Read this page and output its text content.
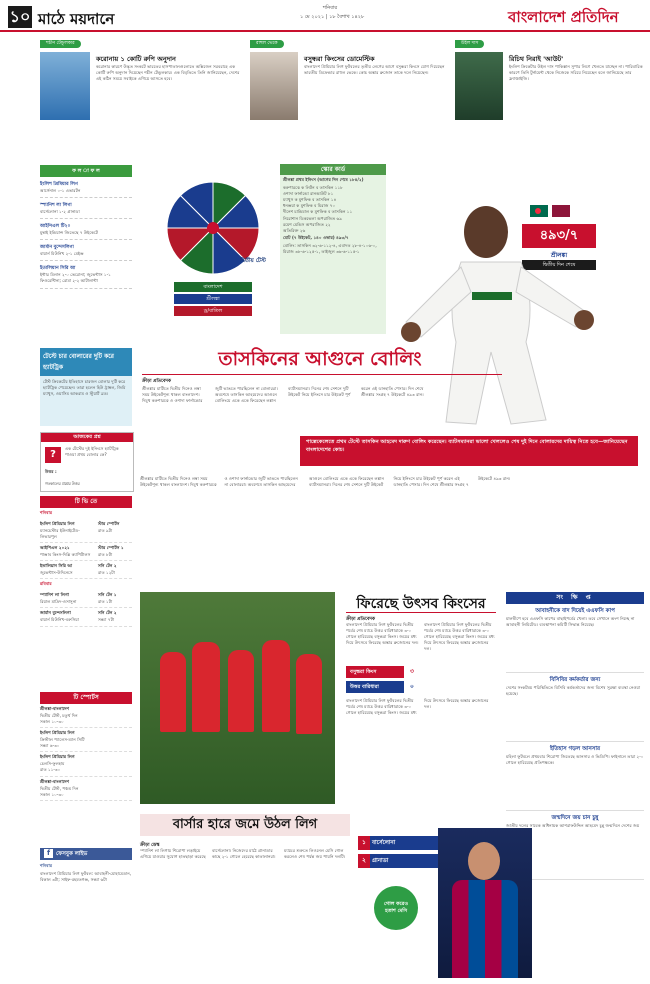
১০ মাঠে ময়দানে
শনিবার
১ মে ২০২১ | ১৮ বৈশাখ ১৪২৮	বাংলাদেশ প্রতিদিন
শচীন টেন্ডুলকার
করোনায় ১ কোটি রুপি অনুদান
করোনার কারণে উদ্ভূত সংকটে ভারতের হাসপাতালগুলোতে অক্সিজেন সরবরাহে এক কোটি রুপি অনুদান দিয়েছেন শচীন টেন্ডুলকার। এক বিবৃতিতে তিনি জানিয়েছেন, দেশের এই কঠিন সময়ে সবাইকে এগিয়ে আসতে হবে।
রাহুল ভেকে
বসুন্ধরা কিংসের ডোমেস্টিক
বাংলাদেশ প্রিমিয়ার লিগ ফুটবলের তৃতীয় লেগের আগে বসুন্ধরা কিংসে যোগ দিয়েছেন ভারতীয় ডিফেন্ডার রাহুল ভেকে। কোচ অস্কার ব্রুজোন তাকে দলে নিয়েছেন।
উইল দাস
রিচিথ নিরাই 'আউট'
ইংলিশ ক্রিকেটার উইল দাস পাকিস্তান সুপার লিগে খেলতে যাচ্ছেন না। পারিবারিক কারণে তিনি টুর্নামেন্ট থেকে নিজেকে সরিয়ে নিয়েছেন বলে জানিয়েছে তার ফ্র্যাঞ্চাইজি।
ফ ল া ফ ল
ইংলিশ প্রিমিয়ার লিগ
আর্সেনাল ০-১ এভারটন
স্প্যানিশ লা লিগা
বার্সেলোনা ১-২ গ্রানাডা
আইপিএল টি২০
মুম্বাই ইন্ডিয়ান্স জিতেছে ৭ উইকেটে
জার্মান বুন্দেসলিগা
বায়ার্ন মিউনিখ ২-১ মেইঞ্জ
ইতালিয়ান সিরি আ
ইন্টার মিলান ২-০ ভেরোনা; জুভেন্টাস ১-১ ফিওরেন্টিনা; রোমা ২-২ আটালান্টা
টেস্টে চার বোলারের দুটি করে হ্যাটট্রিক
টেস্ট ক্রিকেটের ইতিহাসে চারজন বোলার দুটি করে হ্যাটট্রিক পেয়েছেন। তারা হলেন হিউ ট্রাম্বল, জিমি ম্যাথুস, ওয়াসিম আকরাম ও স্টুয়ার্ট ব্রড।
আজকের প্রশ্ন
?
এক টেস্টের দুই ইনিংসে হ্যাটট্রিক পাওয়া প্রথম বোলার কে?
উত্তর :
গতকালের প্রশ্নের উত্তর
টি ভি তে
শনিবার
ইংলিশ প্রিমিয়ার লিগ
ম্যানচেস্টার ইউনাইটেড-লিভারপুল
স্টার স্পোর্টস
রাত ৯টা
আইপিএল ২০২১
পাঞ্জাব কিংস-দিল্লি ক্যাপিটালস
স্টার স্পোর্টস ১
রাত ৮টা
ইতালিয়ান সিরি আ
জুভেন্টাস-উদিনেসে
সনি টেন ২
রাত ১২টা
রবিবার
স্প্যানিশ লা লিগা
রিয়াল মাদ্রিদ-ওসাসুনা
সনি টেন ১
রাত ১টা
জার্মান বুন্দেসলিগা
বায়ার্ন মিউনিখ-বরুসিয়া
সনি টেন ২
সন্ধ্যা ৭টা
টি স্পোর্টস
শ্রীলঙ্কা-বাংলাদেশ
দ্বিতীয় টেস্ট, চতুর্থ দিন
সকাল ১০-৩০
ইংলিশ প্রিমিয়ার লিগ
ক্রিস্টাল প্যালেস-ম্যান সিটি
সন্ধ্যা ৬-৩০
ইংলিশ প্রিমিয়ার লিগ
চেলসি-ফুলহাম
রাত ১১-৩০
শ্রীলঙ্কা-বাংলাদেশ
দ্বিতীয় টেস্ট, পঞ্চম দিন
সকাল ১০-৩০
f ফেসবুক লাইভ
শনিবার
বাংলাদেশ প্রিমিয়ার লিগ ফুটবল: আবাহনী-মোহামেডান, বিকাল ৩টা; সাইফ-রহমতগঞ্জ, সন্ধ্যা ৬টা
দ্বিতীয় টেস্ট
বাংলাদেশ
শ্রীলঙ্কা
ড্র/বাতিল
স্কোর কার্ড
শ্রীলঙ্কা প্রথম ইনিংস (আগের দিন শেষে ১৮৪/২)
করুণারত্নে ক লিটন ব তাসকিন ১১৮
ওশাদা ফার্নান্ডো রানআউট ৮১
ম্যাথুস ক মুশফিক ব তাসকিন ১৪
ধনঞ্জয়া ক মুশফিক ব মিরাজ ৭০
দীনেশ চান্ডিমাল ক মুশফিক ব তাসকিন ১১
নিরোশান ডিকভেলা অপরাজিত ৬৯
রমেশ মেন্ডিস অপরাজিত ২২
অতিরিক্ত ২৬
মোট (৭ উইকেট, ১৪০ ওভার) ৪৯৩/৭
বোলিং: তাসকিন ৩২-৬-১১২-৪, এবাদত ২৮-৪-১০৬-০, মিরাজ ৩৮-৬-১২৫-১, তাইজুল ৩৬-৬-১১৫-১
৪৯৩/৭
শ্রীলঙ্কা
দ্বিতীয় দিন শেষে
তাসকিনের আগুনে বোলিং
ক্রীড়া প্রতিবেদক
শ্রীলঙ্কার মাটিতে দ্বিতীয় দিনেও লম্বা সময় উইকেটশূন্য থাকল বাংলাদেশ। দিমুথ করুণারত্নে ও ওশাদা ফার্নান্ডোর জুটি ভাঙতে পারছিলেন না বোলাররা। অবশেষে তাসকিন আহমেদের আগুনে বোলিংয়ে একে একে ফিরেছেন লঙ্কান ব্যাটসম্যানরা। দিনের শেষ সেশনে দুটি উইকেট নিয়ে ইনিংসে চার উইকেট পূর্ণ করেন এই ডানহাতি পেসার। দিন শেষে শ্রীলঙ্কার সংগ্রহ ৭ উইকেটে ৪৯৩ রান।
পাল্লেকেলেতে প্রথম টেস্টে তাসকিন আহমেদ দারুণ বোলিং করেছেন। ব্যাটসম্যানরা ভালো খেললেও শেষ দুই দিনে বোলারদের দায়িত্ব নিতে হবে—জানিয়েছেন বাংলাদেশের কোচ।
শ্রীলঙ্কার মাটিতে দ্বিতীয় দিনেও লম্বা সময় উইকেটশূন্য থাকল বাংলাদেশ। দিমুথ করুণারত্নে ও ওশাদা ফার্নান্ডোর জুটি ভাঙতে পারছিলেন না বোলাররা। অবশেষে তাসকিন আহমেদের আগুনে বোলিংয়ে একে একে ফিরেছেন লঙ্কান ব্যাটসম্যানরা। দিনের শেষ সেশনে দুটি উইকেট নিয়ে ইনিংসে চার উইকেট পূর্ণ করেন এই ডানহাতি পেসার। দিন শেষে শ্রীলঙ্কার সংগ্রহ ৭ উইকেটে ৪৯৩ রান।
ফিরেছে উৎসব কিংসের
ক্রীড়া প্রতিবেদক
বাংলাদেশ প্রিমিয়ার লিগ ফুটবলের দ্বিতীয় পর্বের শেষ ম্যাচে উত্তর বারিধারাকে ৩-০ গোলে হারিয়েছে বসুন্ধরা কিংস। জয়ের মধ্য দিয়ে উৎসবে ফিরেছে অস্কার ব্রুজোনের দল।
বসুন্ধরা কিংস	৩
উত্তর বারিধারা	০
বাংলাদেশ প্রিমিয়ার লিগ ফুটবলের দ্বিতীয় পর্বের শেষ ম্যাচে উত্তর বারিধারাকে ৩-০ গোলে হারিয়েছে বসুন্ধরা কিংস। জয়ের মধ্য দিয়ে উৎসবে ফিরেছে অস্কার ব্রুজোনের দল।
বাংলাদেশ প্রিমিয়ার লিগ ফুটবলের দ্বিতীয় পর্বের শেষ ম্যাচে উত্তর বারিধারাকে ৩-০ গোলে হারিয়েছে বসুন্ধরা কিংস। জয়ের মধ্য দিয়ে উৎসবে ফিরেছে অস্কার ব্রুজোনের দল।
সং ক্ষি প্ত
আবাহনীকে বাদ দিয়েই এএফসি কাপ
মালদ্বীপে হবে এএফসি কাপের বাছাইপর্বের খেলা। তবে সেখানে অংশ নিচ্ছে না আবাহনী লিমিটেড। ব্যবস্থাপনা কমিটি সিদ্ধান্ত নিয়েছে।
বিসিবির কর্মকর্তার জন্য
দেশের সংকটময় পরিস্থিতিতে বিসিবি কর্মকর্তাদের জন্য বিশেষ সুরক্ষা ব্যবস্থা নেওয়া হয়েছে।
ইতিহাস গড়ল আনসার
মহিলা ফুটবলে প্রথমবার শিরোপা জিতেছে আনসার ও ভিডিপি। ফাইনালে তারা ২-০ গোলে হারিয়েছে প্রতিপক্ষকে।
জন্মদিনে জয় চান চুন্নু
জাতীয় দলের সাবেক অধিনায়ক আশরাফউদ্দিন আহমেদ চুন্নু জন্মদিনে দেশের জয়
বার্সার হারে জমে উঠল লিগ
ক্রীড়া ডেস্ক
স্প্যানিশ লা লিগায় শিরোপা লড়াইয়ে এগিয়ে যাওয়ার সুযোগ হাতছাড়া করেছে বার্সেলোনা। নিজেদের মাঠে গ্রানাডার কাছে ২-১ গোলে হেরেছে কাতালানরা। ম্যাচের শুরুতে লিওনেল মেসি গোল করলেও শেষ পর্যন্ত জয় পায়নি দলটি।
বার্সেলোনা
১
গ্রানাডা
২
গোল করেও হতাশ মেসি
